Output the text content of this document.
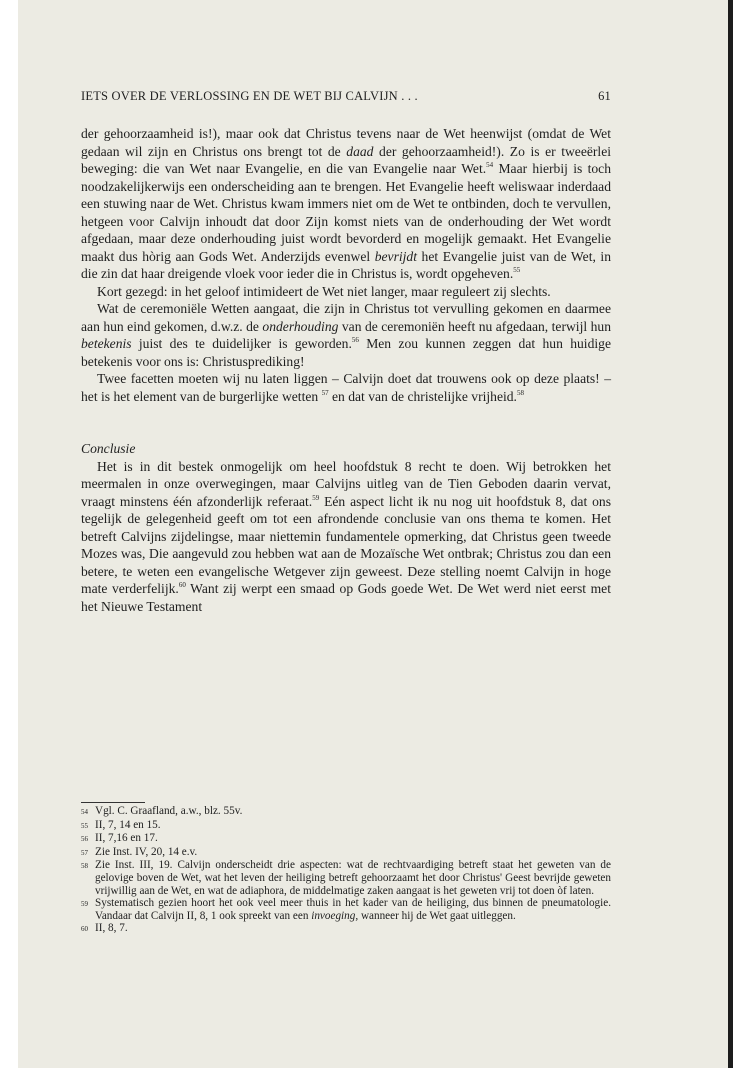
IETS OVER DE VERLOSSING EN DE WET BIJ CALVIJN . . .	61

der gehoorzaamheid is!), maar ook dat Christus tevens naar de Wet heenwijst (omdat de Wet gedaan wil zijn en Christus ons brengt tot de daad der gehoorzaamheid!). Zo is er tweeërlei beweging: die van Wet naar Evangelie, en die van Evangelie naar Wet.$^{54}$ Maar hierbij is toch noodzakelijkerwijs een onderscheiding aan te brengen. Het Evangelie heeft weliswaar inderdaad een stuwing naar de Wet. Christus kwam immers niet om de Wet te ontbinden, doch te vervullen, hetgeen voor Calvijn inhoudt dat door Zijn komst niets van de onderhouding der Wet wordt afgedaan, maar deze onderhouding juist wordt bevorderd en mogelijk gemaakt. Het Evangelie maakt dus hòrig aan Gods Wet. Anderzijds evenwel bevrijdt het Evangelie juist van de Wet, in die zin dat haar dreigende vloek voor ieder die in Christus is, wordt opgeheven.$^{55}$

Kort gezegd: in het geloof intimideert de Wet niet langer, maar reguleert zij slechts.

Wat de ceremoniële Wetten aangaat, die zijn in Christus tot vervulling gekomen en daarmee aan hun eind gekomen, d.w.z. de onderhouding van de ceremoniën heeft nu afgedaan, terwijl hun betekenis juist des te duidelijker is geworden.$^{56}$ Men zou kunnen zeggen dat hun huidige betekenis voor ons is: Christusprediking!

Twee facetten moeten wij nu laten liggen – Calvijn doet dat trouwens ook op deze plaats! – het is het element van de burgerlijke wetten $^{57}$ en dat van de christelijke vrijheid.$^{58}$

Conclusie

Het is in dit bestek onmogelijk om heel hoofdstuk 8 recht te doen. Wij betrokken het meermalen in onze overwegingen, maar Calvijns uitleg van de Tien Geboden daarin vervat, vraagt minstens één afzonderlijk referaat.$^{59}$ Eén aspect licht ik nu nog uit hoofdstuk 8, dat ons tegelijk de gelegenheid geeft om tot een afrondende conclusie van ons thema te komen. Het betreft Calvijns zijdelingse, maar niettemin fundamentele opmerking, dat Christus geen tweede Mozes was, Die aangevuld zou hebben wat aan de Mozaïsche Wet ontbrak; Christus zou dan een betere, te weten een evangelische Wetgever zijn geweest. Deze stelling noemt Calvijn in hoge mate verderfelijk.$^{60}$ Want zij werpt een smaad op Gods goede Wet. De Wet werd niet eerst met het Nieuwe Testament

54 Vgl. C. Graafland, a.w., blz. 55v.
55 II, 7, 14 en 15.
56 II, 7,16 en 17.
57 Zie Inst. IV, 20, 14 e.v.
58 Zie Inst. III, 19. Calvijn onderscheidt drie aspecten: wat de rechtvaardiging betreft staat het geweten van de gelovige boven de Wet, wat het leven der heiliging betreft gehoorzaamt het door Christus' Geest bevrijde geweten vrijwillig aan de Wet, en wat de adiaphora, de middelmatige zaken aangaat is het geweten vrij tot doen òf laten.
59 Systematisch gezien hoort het ook veel meer thuis in het kader van de heiliging, dus binnen de pneumatologie. Vandaar dat Calvijn II, 8, 1 ook spreekt van een invoeging, wanneer hij de Wet gaat uitleggen.
60 II, 8, 7.
